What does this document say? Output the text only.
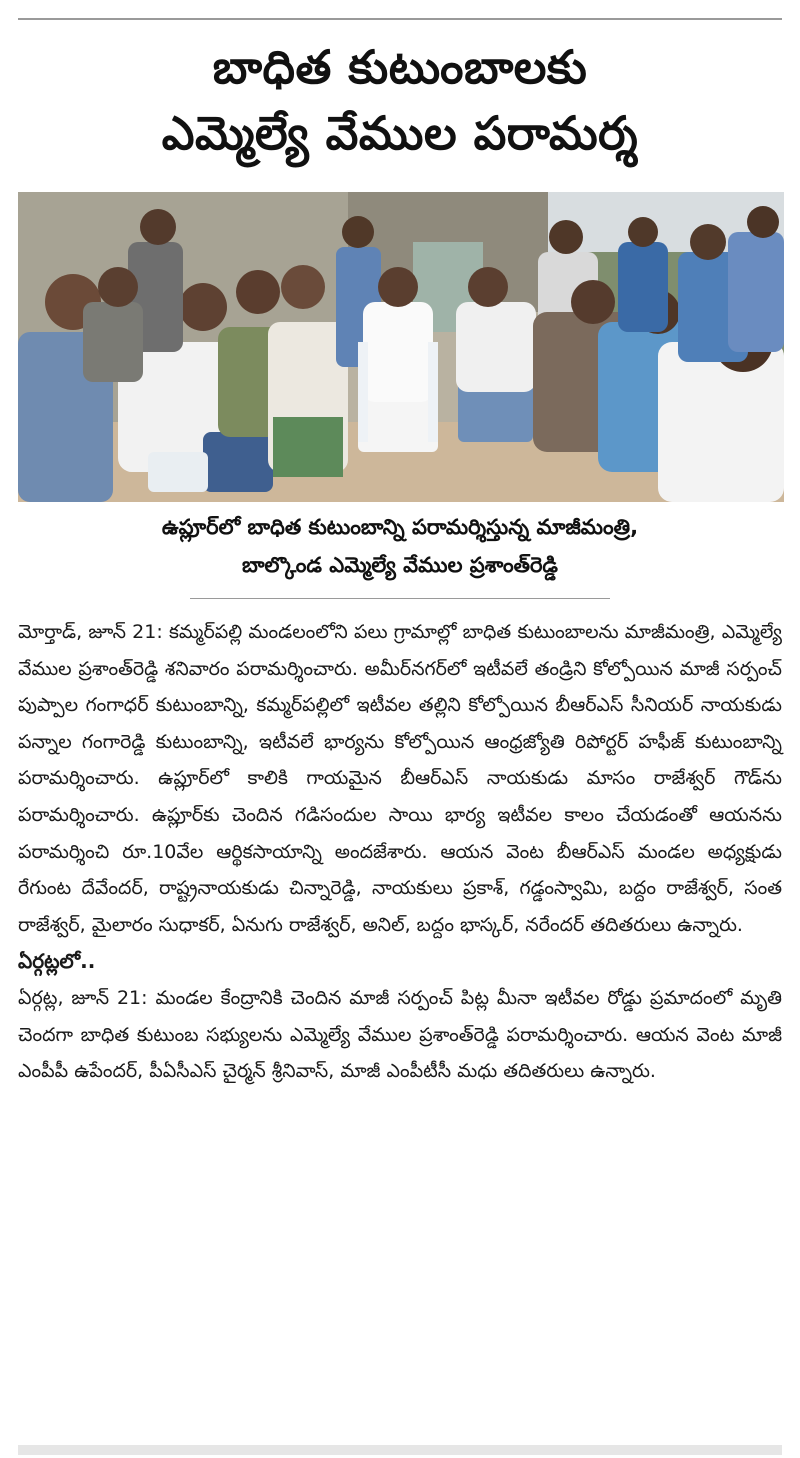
బాధిత కుటుంబాలకు
ఎమ్మెల్యే వేముల పరామర్శ
ఉప్లూర్‌లో బాధిత కుటుంబాన్ని పరామర్శిస్తున్న మాజీమంత్రి,
బాల్కొండ ఎమ్మెల్యే వేముల ప్రశాంత్‌రెడ్డి

మోర్తాడ్‌, జూన్‌ 21: కమ్మర్‌పల్లి మండలంలోని పలు గ్రామాల్లో బాధిత కుటుంబాలను మాజీమంత్రి, ఎమ్మెల్యే వేముల ప్రశాంత్‌రెడ్డి శనివారం పరామర్శించారు. అమీర్‌నగర్‌లో ఇటీవలే తండ్రిని కోల్పోయిన మాజీ సర్పంచ్‌ పుప్పాల గంగాధర్‌ కుటుంబాన్ని, కమ్మర్‌పల్లిలో ఇటీవల తల్లిని కోల్పోయిన బీఆర్‌ఎస్‌ సీనియర్‌ నాయకుడు పన్నాల గంగారెడ్డి కుటుంబాన్ని, ఇటీవలే భార్యను కోల్పోయిన ఆంధ్రజ్యోతి రిపోర్టర్‌ హఫీజ్‌ కుటుంబాన్ని పరామర్శించారు. ఉప్లూర్‌లో కాలికి గాయమైన బీఆర్‌ఎస్‌ నాయకుడు మాసం రాజేశ్వర్‌ గౌడ్‌ను పరామర్శించారు. ఉప్లూర్‌కు చెందిన గడిసందుల సాయి భార్య ఇటీవల కాలం చేయడంతో ఆయనను పరామర్శించి రూ.10వేల ఆర్థికసాయాన్ని అందజేశారు. ఆయన వెంట బీఆర్‌ఎస్‌ మండల అధ్యక్షుడు రేగుంట దేవేందర్‌, రాష్ట్రనాయకుడు చిన్నారెడ్డి, నాయకులు ప్రకాశ్‌, గడ్డంస్వామి, బద్దం రాజేశ్వర్‌, సంత రాజేశ్వర్‌, మైలారం సుధాకర్‌, ఏనుగు రాజేశ్వర్‌, అనిల్‌, బద్దం భాస్కర్‌, నరేందర్‌ తదితరులు ఉన్నారు.

ఏర్గట్లలో..

ఏర్గట్ల, జూన్‌ 21: మండల కేంద్రానికి చెందిన మాజీ సర్పంచ్‌ పిట్ల మీనా ఇటీవల రోడ్డు ప్రమాదంలో మృతి చెందగా బాధిత కుటుంబ సభ్యులను ఎమ్మెల్యే వేముల ప్రశాంత్‌రెడ్డి పరామర్శించారు. ఆయన వెంట మాజీ ఎంపీపీ ఉపేందర్‌, పీఏసీఎస్‌ చైర్మన్‌ శ్రీనివాస్‌, మాజీ ఎంపీటీసీ మధు తదితరులు ఉన్నారు.
